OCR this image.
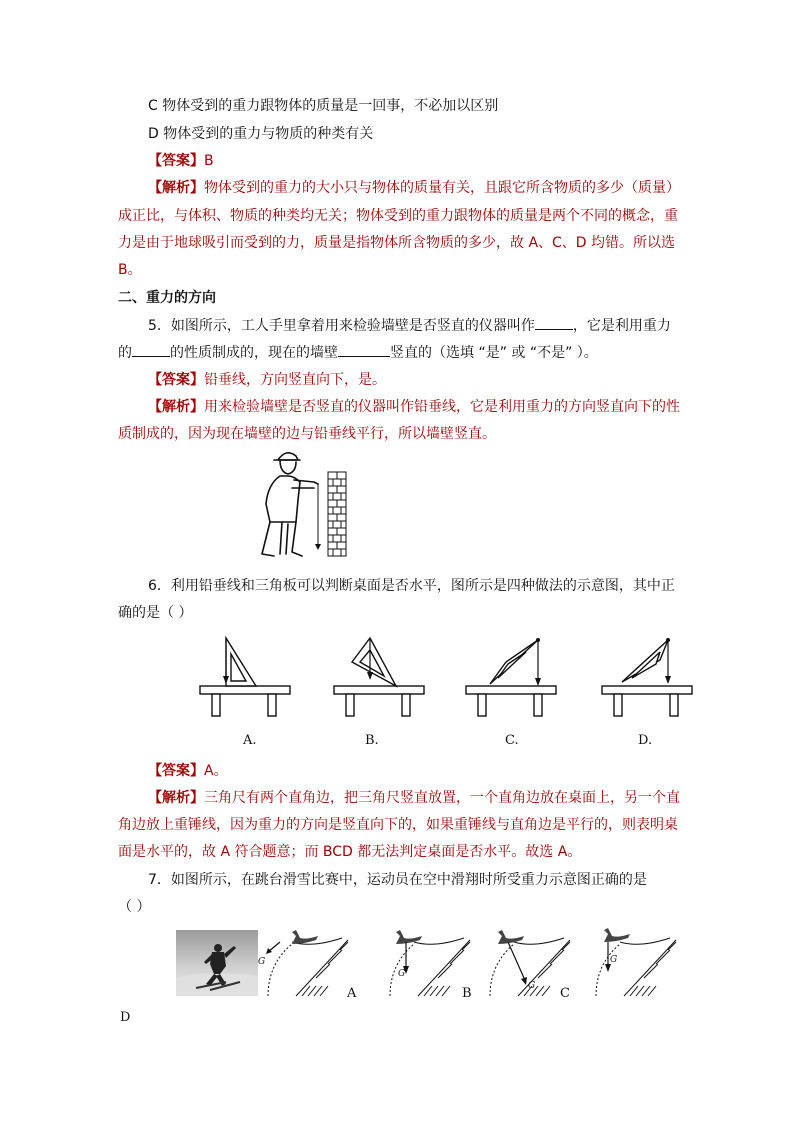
C 物体受到的重力跟物体的质量是一回事，不必加以区别
D 物体受到的重力与物质的种类有关
【答案】B
【解析】物体受到的重力的大小只与物体的质量有关，且跟它所含物质的多少（质量）
成正比，与体积、物质的种类均无关；物体受到的重力跟物体的质量是两个不同的概念，重
力是由于地球吸引而受到的力，质量是指物体所含物质的多少，故 A、C、D 均错。所以选
B。
二、重力的方向
5．如图所示，工人手里拿着用来检验墙壁是否竖直的仪器叫作	，它是利用重力
的	的性质制成的，现在的墙壁	竖直的（选填 “是” 或 “不是” ）。
【答案】铅垂线，方向竖直向下，是。
【解析】用来检验墙壁是否竖直的仪器叫作铅垂线，它是利用重力的方向竖直向下的性
质制成的，因为现在墙壁的边与铅垂线平行，所以墙壁竖直。
6．利用铅垂线和三角板可以判断桌面是否水平，图所示是四种做法的示意图，其中正
确的是（ ）
A.	B.	C.	D.
【答案】A。
【解析】三角尺有两个直角边，把三角尺竖直放置，一个直角边放在桌面上，另一个直
角边放上重锤线，因为重力的方向是竖直向下的，如果重锤线与直角边是平行的，则表明桌
面是水平的，故 A 符合题意；而 BCD 都无法判定桌面是否水平。故选 A。
7．如图所示，在跳台滑雪比赛中，运动员在空中滑翔时所受重力示意图正确的是
（ ）
G
G
G
G
A	B	C
D
